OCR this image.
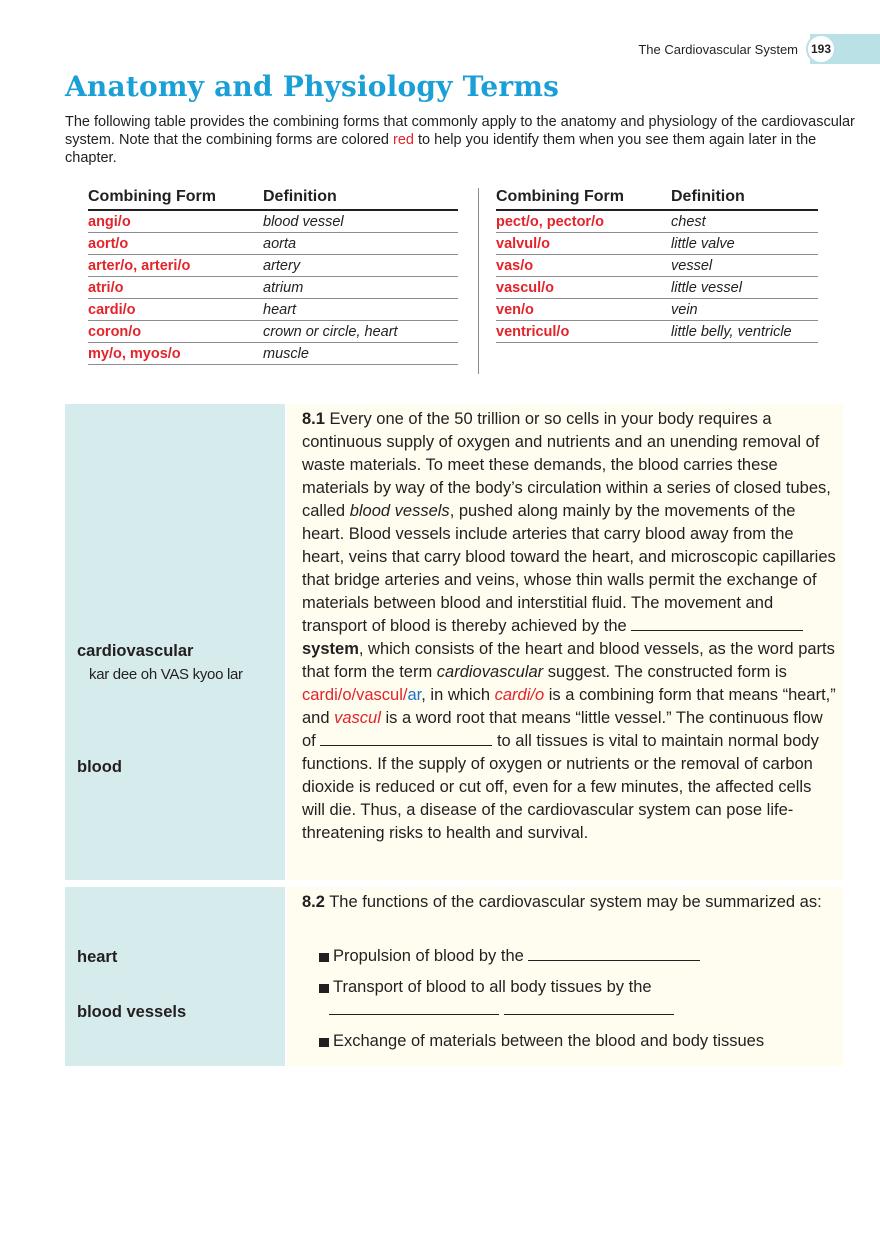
The Cardiovascular System	193
Anatomy and Physiology Terms

The following table provides the combining forms that commonly apply to the anatomy and physiology of the cardiovascular system. Note that the combining forms are colored red to help you identify them when you see them again later in the chapter.

Combining Form	Definition
angi/o	blood vessel
aort/o	aorta
arter/o, arteri/o	artery
atri/o	atrium
cardi/o	heart
coron/o	crown or circle, heart
my/o, myos/o	muscle
Combining Form	Definition
pect/o, pector/o	chest
valvul/o	little valve
vas/o	vessel
vascul/o	little vessel
ven/o	vein
ventricul/o	little belly, ventricle
cardiovascular
kar dee oh VAS kyoo lar
blood

8.1 Every one of the 50 trillion or so cells in your body requires a continuous supply of oxygen and nutrients and an unending removal of waste materials. To meet these demands, the blood carries these materials by way of the body’s circulation within a series of closed tubes, called blood vessels, pushed along mainly by the movements of the heart. Blood vessels include arteries that carry blood away from the heart, veins that carry blood toward the heart, and microscopic capillaries that bridge arteries and veins, whose thin walls permit the exchange of materials between blood and interstitial fluid. The movement and transport of blood is thereby achieved by the  system, which consists of the heart and blood vessels, as the word parts that form the term cardiovascular suggest. The constructed form is cardi/o/vascul/ar, in which cardi/o is a combining form that means “heart,” and vascul is a word root that means “little vessel.” The continuous flow of	to all tissues is vital to maintain normal body functions. If the supply of oxygen or nutrients or the removal of carbon dioxide is reduced or cut off, even for a few minutes, the affected cells will die. Thus, a disease of the cardiovascular system can pose life-threatening risks to health and survival.

heart
blood vessels

8.2 The functions of the cardiovascular system may be summarized as:

Propulsion of blood by the

Transport of blood to all body tissues by the

Exchange of materials between the blood and body tissues
